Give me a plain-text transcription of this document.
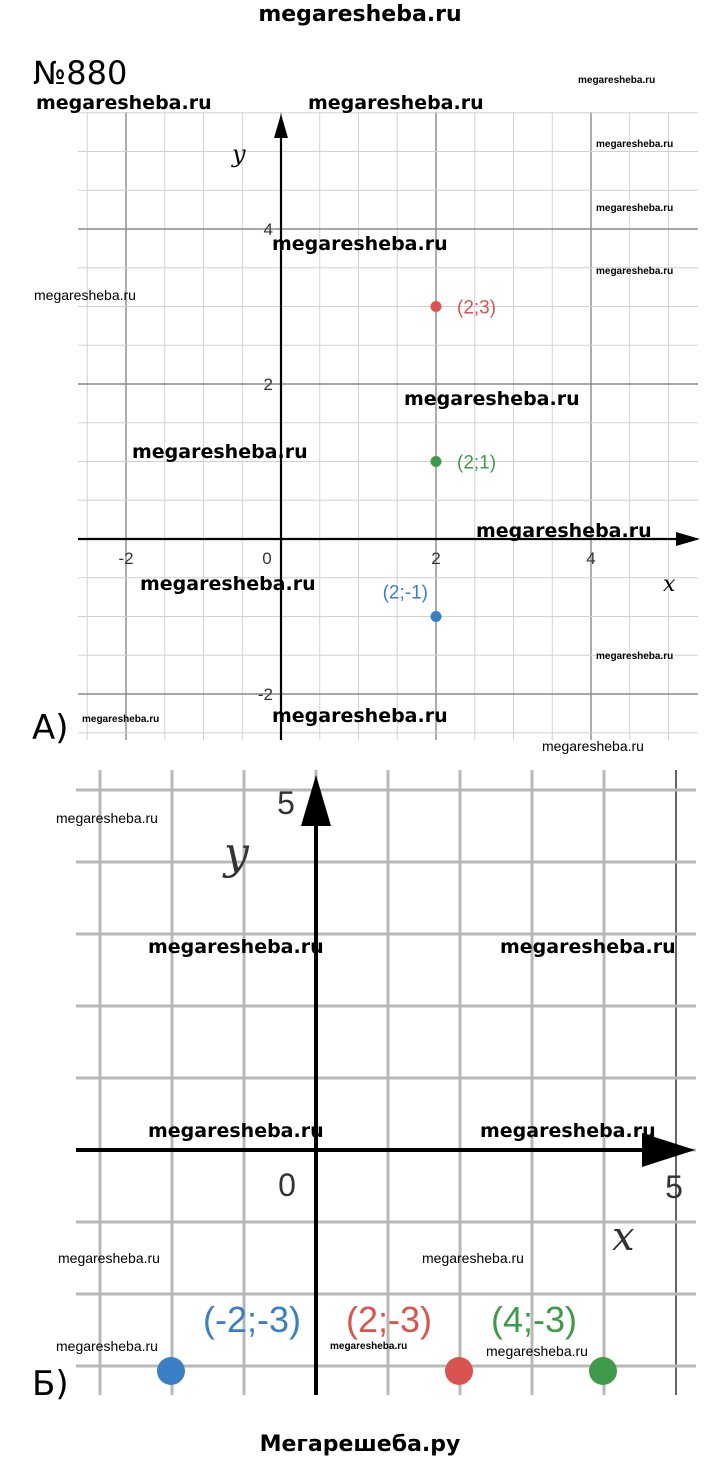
megaresheba.ru
№880
x
y
-2	0	2	4
4
2
-2
(2;3)
(2;1)
(2;-1)
x
y
0	5
5
(-2;-3) (2;-3) (4;-3)
А)
Б)
megaresheba.ru	megaresheba.ru
megaresheba.ru
megaresheba.ru
megaresheba.ru
megaresheba.ru
megaresheba.ru
megaresheba.ru
megaresheba.ru
megaresheba.ru
megaresheba.ru
megaresheba.ru
megaresheba.ru
megaresheba.ru
megaresheba.ru
megaresheba.ru
megaresheba.ru
megaresheba.ru	megaresheba.ru
megaresheba.ru	megaresheba.ru
megaresheba.ru	megaresheba.ru
megaresheba.ru	megaresheba.ru	megaresheba.ru
Мегарешеба.ру
